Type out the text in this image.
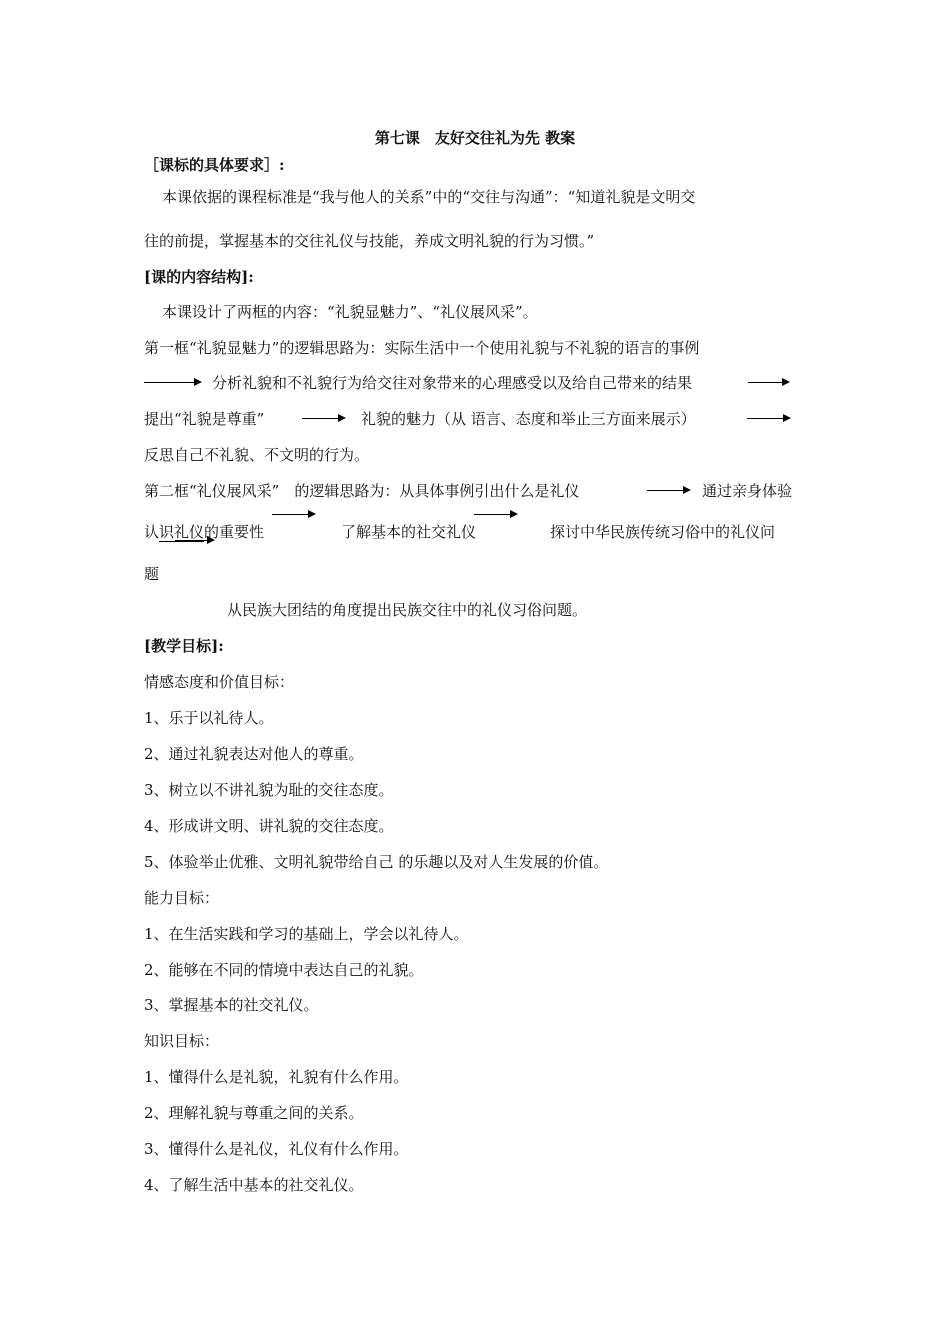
第七课　友好交往礼为先 教案
［课标的具体要求］:
本课依据的课程标准是“我与他人的关系”中的“交往与沟通”：“知道礼貌是文明交
往的前提，掌握基本的交往礼仪与技能，养成文明礼貌的行为习惯。”
[课的内容结构]:
本课设计了两框的内容：“礼貌显魅力”、“礼仪展风采”。
第一框“礼貌显魅力”的逻辑思路为：实际生活中一个使用礼貌与不礼貌的语言的事例
分析礼貌和不礼貌行为给交往对象带来的心理感受以及给自己带来的结果
提出“礼貌是尊重”	礼貌的魅力（从 语言、态度和举止三方面来展示）
反思自己不礼貌、不文明的行为。
第二框“礼仪展风采”　的逻辑思路为：从具体事例引出什么是礼仪	通过亲身体验
认识礼仪的重要性	了解基本的社交礼仪	探讨中华民族传统习俗中的礼仪问
题
从民族大团结的角度提出民族交往中的礼仪习俗问题。
[教学目标]:
情感态度和价值目标：
1、乐于以礼待人。
2、通过礼貌表达对他人的尊重。
3、树立以不讲礼貌为耻的交往态度。
4、形成讲文明、讲礼貌的交往态度。
5、体验举止优雅、文明礼貌带给自己 的乐趣以及对人生发展的价值。
能力目标：
1、在生活实践和学习的基础上，学会以礼待人。
2、能够在不同的情境中表达自己的礼貌。
3、掌握基本的社交礼仪。
知识目标：
1、懂得什么是礼貌，礼貌有什么作用。
2、理解礼貌与尊重之间的关系。
3、懂得什么是礼仪，礼仪有什么作用。
4、了解生活中基本的社交礼仪。
